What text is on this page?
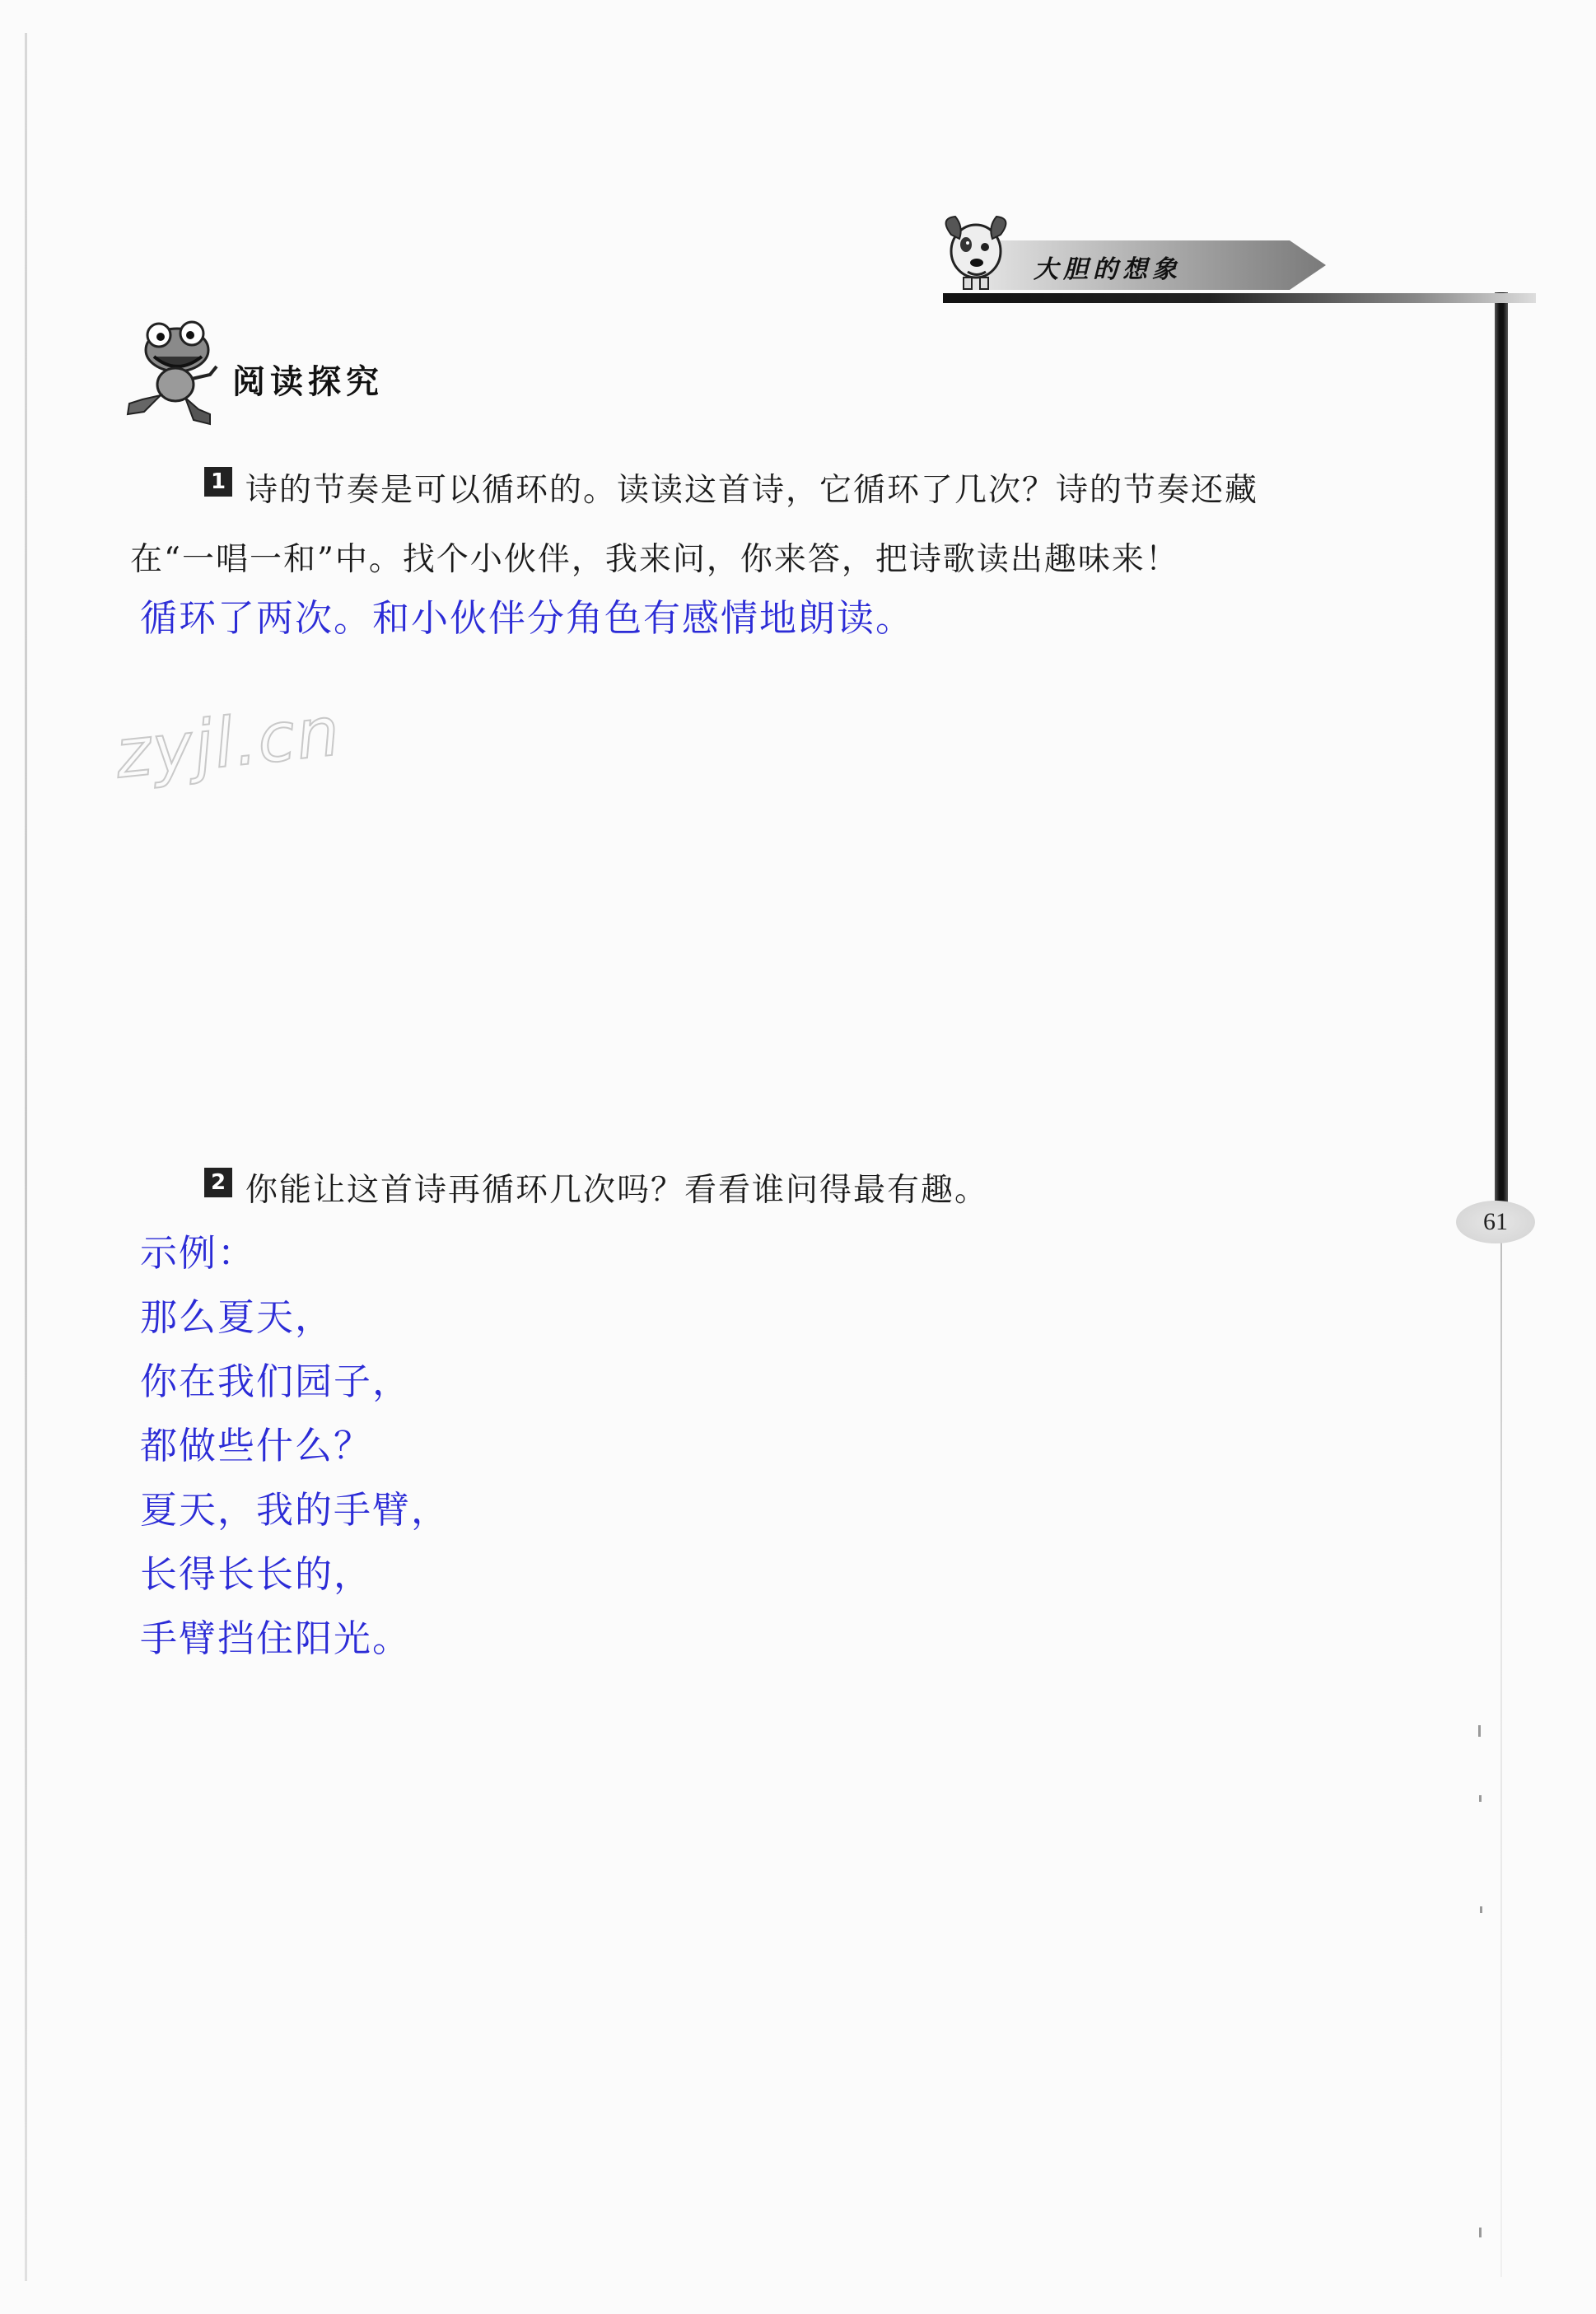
大胆的想象
阅读探究
1 诗的节奏是可以循环的。读读这首诗，它循环了几次？诗的节奏还藏
在“一唱一和”中。找个小伙伴，我来问，你来答，把诗歌读出趣味来！
循环了两次。和小伙伴分角色有感情地朗读。
zyjl.cn
2 你能让这首诗再循环几次吗？看看谁问得最有趣。
示例：
那么夏天，
你在我们园子，
都做些什么？
夏天，我的手臂，
长得长长的，
手臂挡住阳光。
61
